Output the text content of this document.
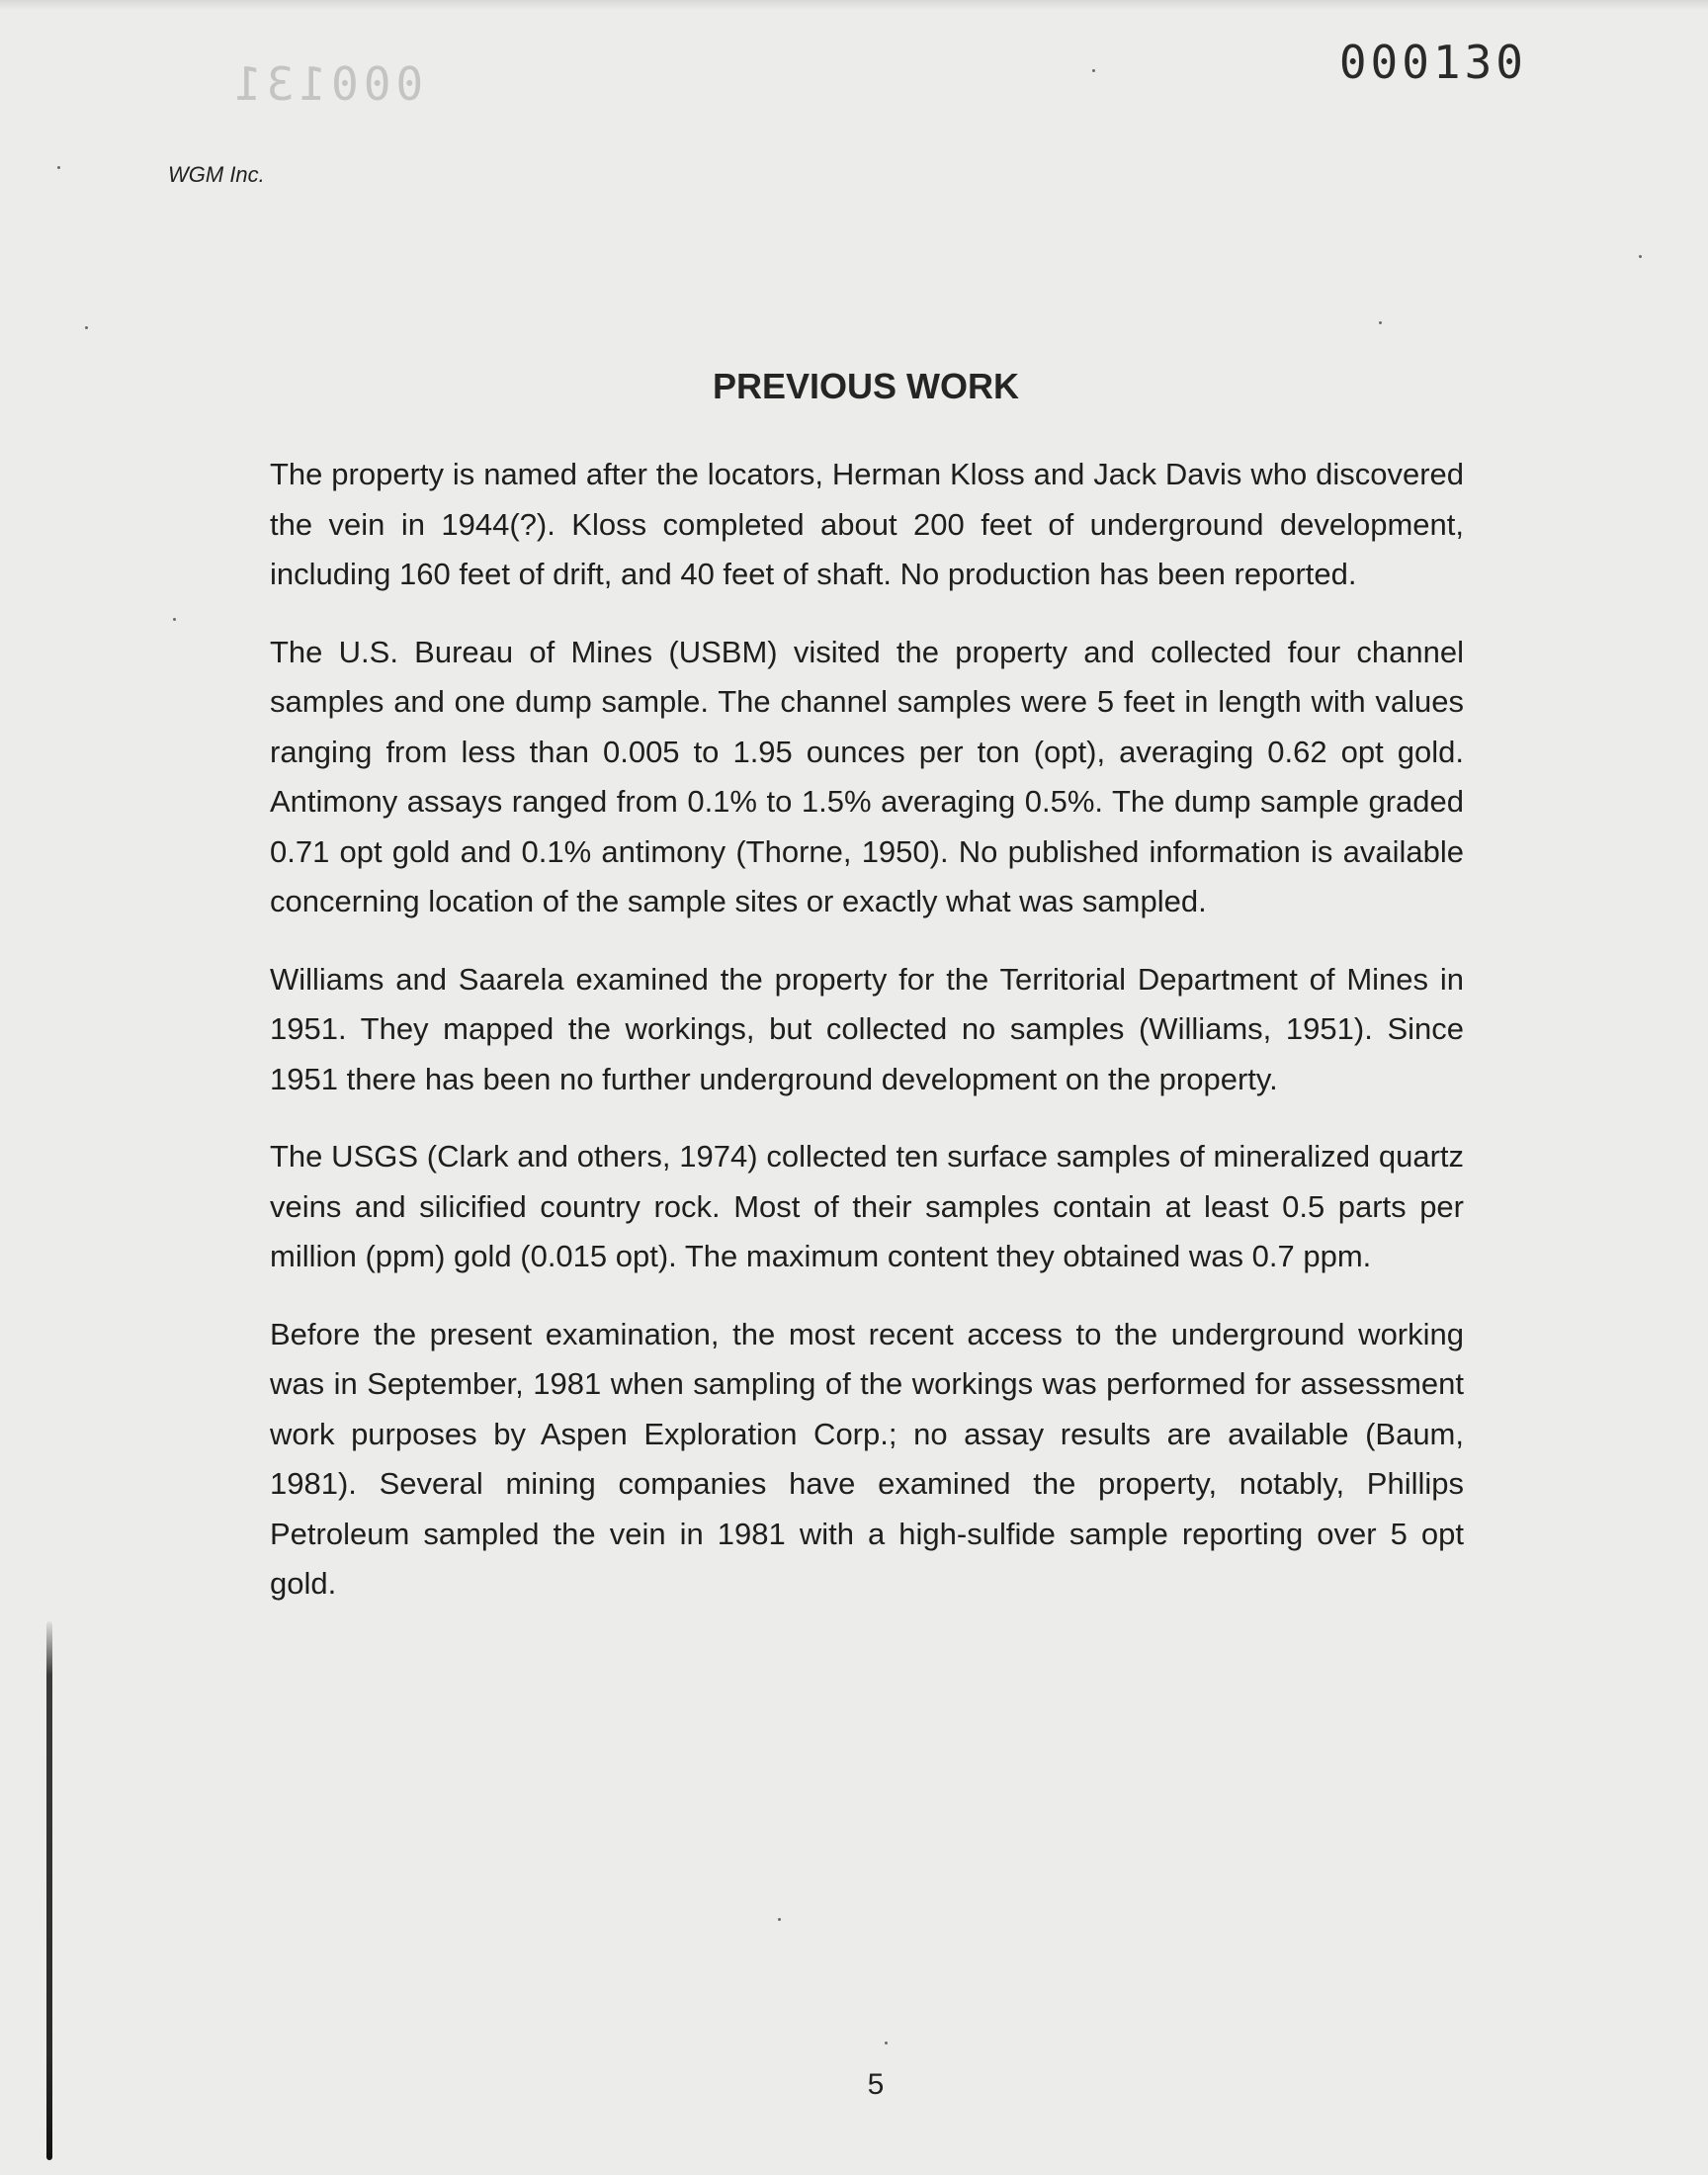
000131	000130
WGM Inc.
PREVIOUS WORK

The property is named after the locators, Herman Kloss and Jack Davis who discovered the vein in 1944(?). Kloss completed about 200 feet of underground development, including 160 feet of drift, and 40 feet of shaft. No production has been reported.

The U.S. Bureau of Mines (USBM) visited the property and collected four channel samples and one dump sample. The channel samples were 5 feet in length with values ranging from less than 0.005 to 1.95 ounces per ton (opt), averaging 0.62 opt gold. Antimony assays ranged from 0.1% to 1.5% averaging 0.5%. The dump sample graded 0.71 opt gold and 0.1% antimony (Thorne, 1950). No published information is available concerning location of the sample sites or exactly what was sampled.

Williams and Saarela examined the property for the Territorial Department of Mines in 1951. They mapped the workings, but collected no samples (Williams, 1951). Since 1951 there has been no further underground development on the property.

The USGS (Clark and others, 1974) collected ten surface samples of mineralized quartz veins and silicified country rock. Most of their samples contain at least 0.5 parts per million (ppm) gold (0.015 opt). The maximum content they obtained was 0.7 ppm.

Before the present examination, the most recent access to the underground working was in September, 1981 when sampling of the workings was performed for assessment work purposes by Aspen Exploration Corp.; no assay results are available (Baum, 1981). Several mining companies have examined the property, notably, Phillips Petroleum sampled the vein in 1981 with a high-sulfide sample reporting over 5 opt gold.

5
